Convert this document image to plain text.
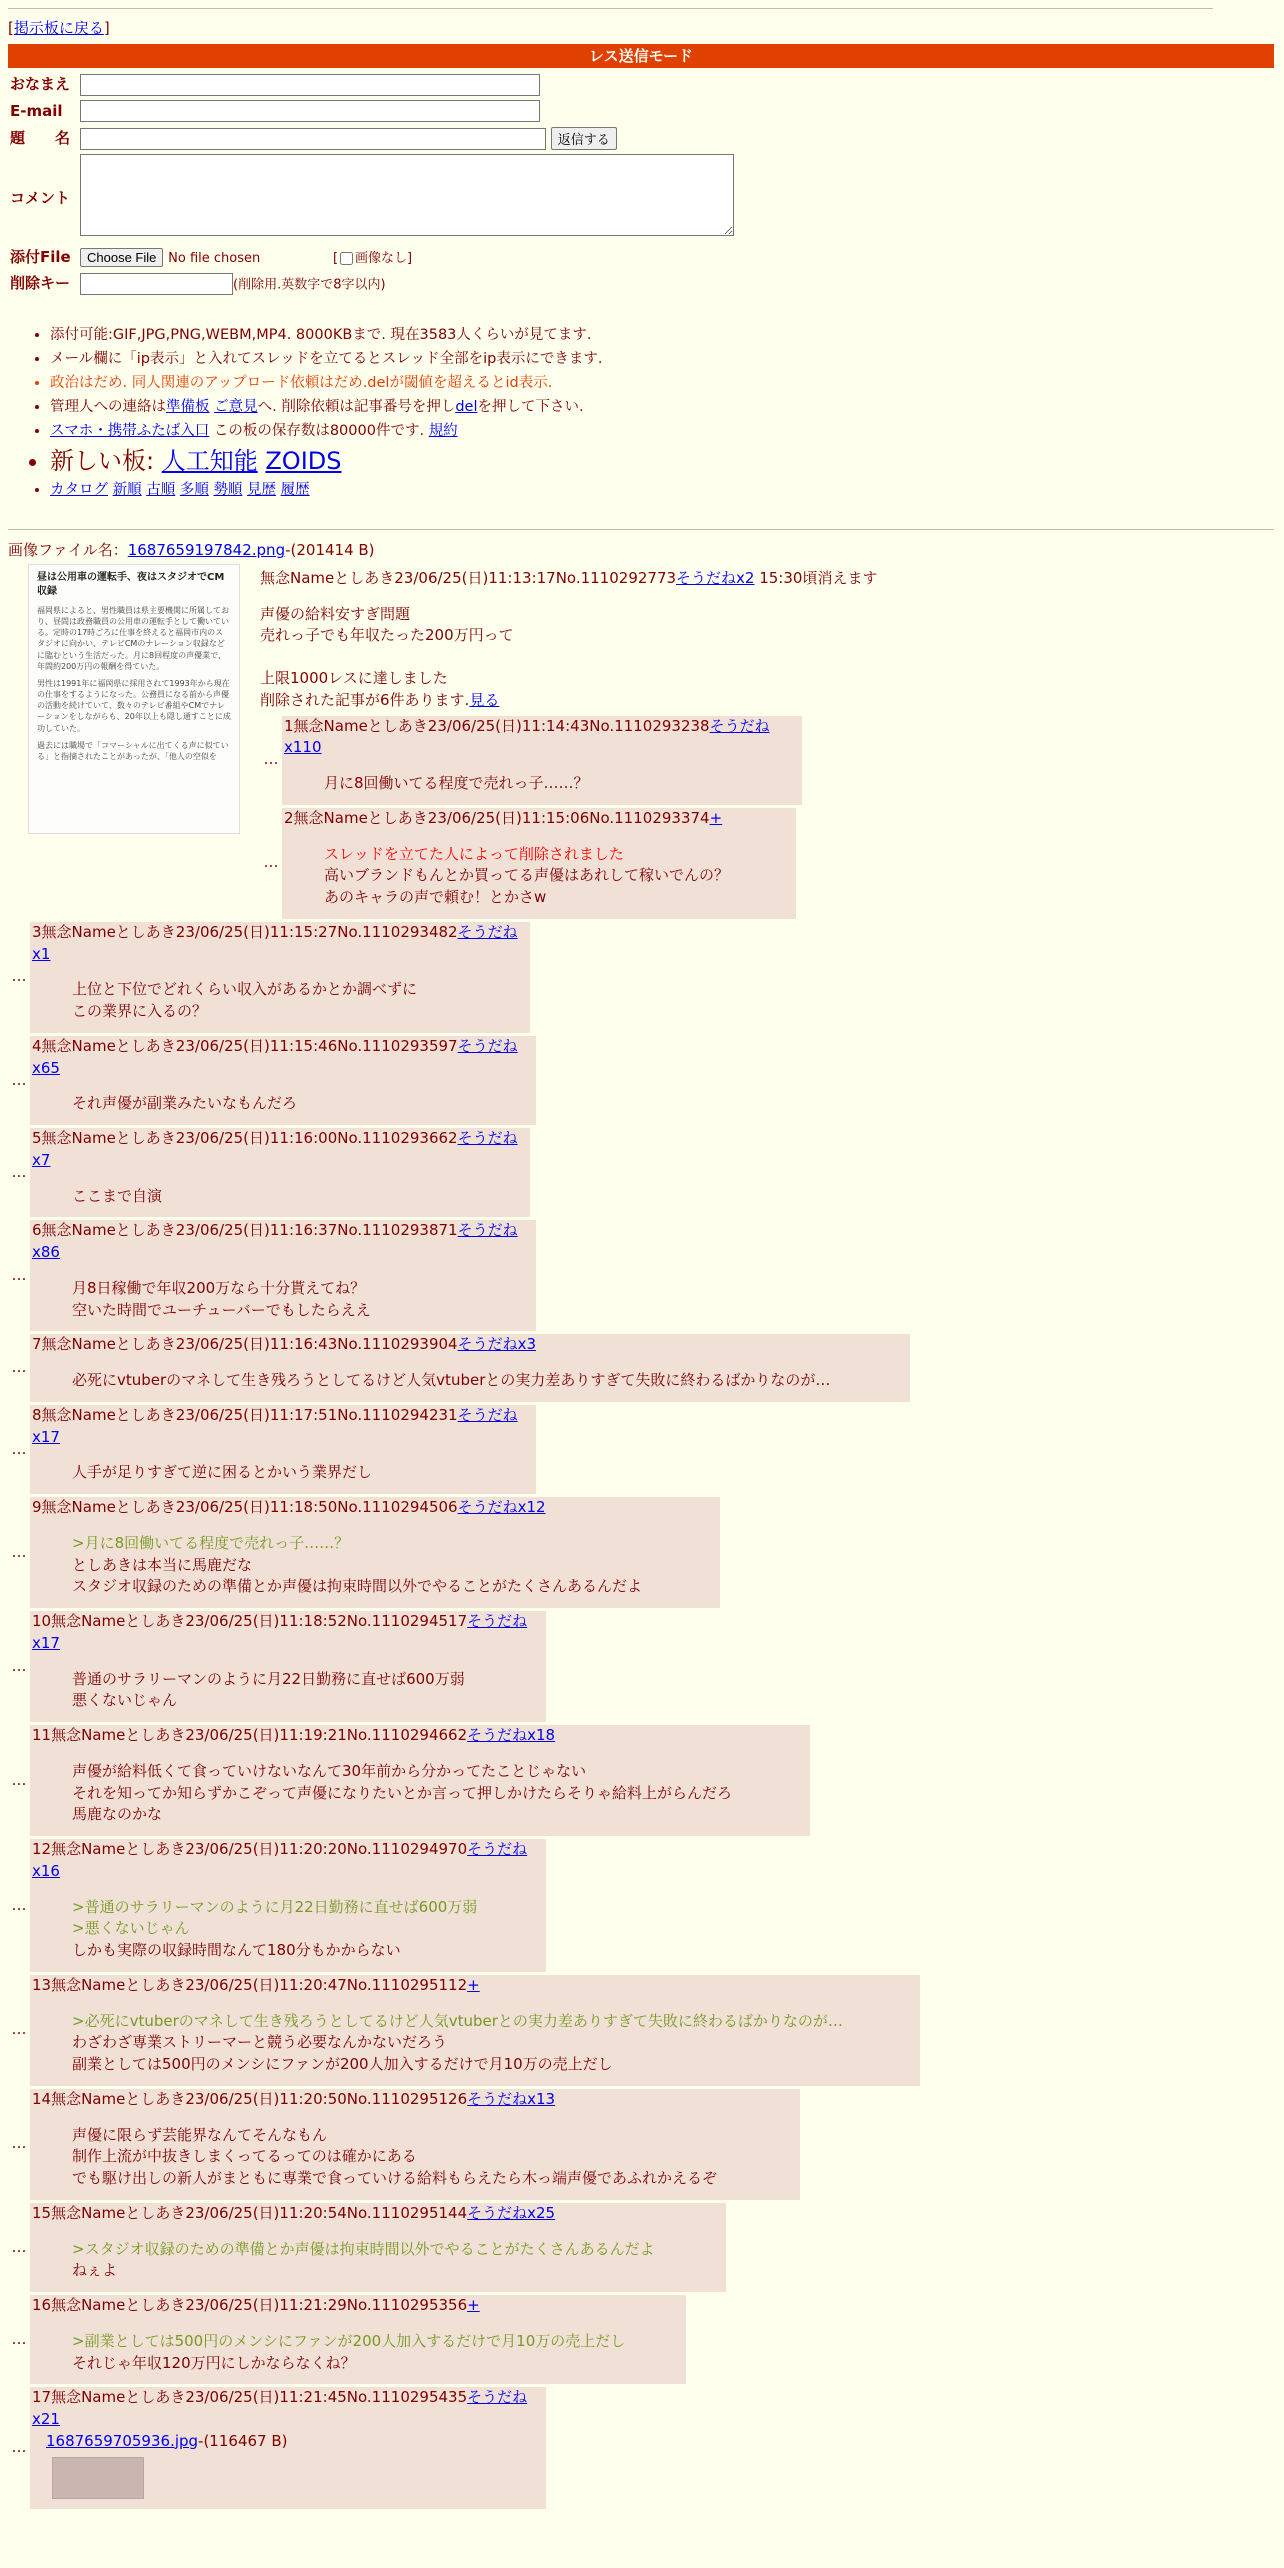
[掲示板に戻る]
レス送信モード
おなまえ	
E-mail	
題　　名	返信する
コメント	
添付File	Choose File No file chosen [ 画像なし]
削除キー	(削除用.英数字で8字以内)
• 添付可能:GIF,JPG,PNG,WEBM,MP4. 8000KBまで. 現在3583人くらいが見てます.
• メール欄に「ip表示」と入れてスレッドを立てるとスレッド全部をip表示にできます.
• 政治はだめ. 同人関連のアップロード依頼はだめ.delが閾値を超えるとid表示.
• 管理人への連絡は準備板 ご意見へ. 削除依頼は記事番号を押しdelを押して下さい.
• スマホ・携帯ふたば入口 この板の保存数は80000件です. 規約
• 新しい板: 人工知能 ZOIDS
• カタログ 新順 古順 多順 勢順 見歴 履歴
画像ファイル名：1687659197842.png-(201414 B)
昼は公用車の運転手、夜はスタジオでCM収録

福岡県によると、男性職員は県主要機関に所属しており、昼間は政務職員の公用車の運転手として働いている。定時の17時ごろに仕事を終えると福岡市内のスタジオに向かい、テレビCMのナレーション収録などに臨むという生活だった。月に8回程度の声優業で、年間約200万円の報酬を得ていた。

男性は1991年に福岡県に採用されて1993年から現在の仕事をするようになった。公務員になる前から声優の活動を続けていて、数々のテレビ番組やCMでナレーションをしながらも、20年以上も隠し通すことに成功していた。

過去には職場で「コマーシャルに出てくる声に似ている」と指摘されたことがあったが、「他人の空似を

無念Nameとしあき23/06/25(日)11:13:17No.1110292773そうだねx2 15:30頃消えます
声優の給料安すぎ問題
売れっ子でも年収たった200万円って
上限1000レスに達しました
削除された記事が6件あります.見る
…
1無念Nameとしあき23/06/25(日)11:14:43No.1110293238そうだねx110
月に8回働いてる程度で売れっ子……？
…
2無念Nameとしあき23/06/25(日)11:15:06No.1110293374+
スレッドを立てた人によって削除されました
高いブランドもんとか買ってる声優はあれして稼いでんの？
あのキャラの声で頼む！とかさw
…
3無念Nameとしあき23/06/25(日)11:15:27No.1110293482そうだねx1
上位と下位でどれくらい収入があるかとか調べずに
この業界に入るの？
…
4無念Nameとしあき23/06/25(日)11:15:46No.1110293597そうだねx65
それ声優が副業みたいなもんだろ
…
5無念Nameとしあき23/06/25(日)11:16:00No.1110293662そうだねx7
ここまで自演
…
6無念Nameとしあき23/06/25(日)11:16:37No.1110293871そうだねx86
月8日稼働で年収200万なら十分貰えてね？
空いた時間でユーチューバーでもしたらええ
…
7無念Nameとしあき23/06/25(日)11:16:43No.1110293904そうだねx3
必死にvtuberのマネして生き残ろうとしてるけど人気vtuberとの実力差ありすぎて失敗に終わるばかりなのが…
…
8無念Nameとしあき23/06/25(日)11:17:51No.1110294231そうだねx17
人手が足りすぎて逆に困るとかいう業界だし
…
9無念Nameとしあき23/06/25(日)11:18:50No.1110294506そうだねx12
>月に8回働いてる程度で売れっ子……？
としあきは本当に馬鹿だな
スタジオ収録のための準備とか声優は拘束時間以外でやることがたくさんあるんだよ
…
10無念Nameとしあき23/06/25(日)11:18:52No.1110294517そうだねx17
普通のサラリーマンのように月22日勤務に直せば600万弱
悪くないじゃん
…
11無念Nameとしあき23/06/25(日)11:19:21No.1110294662そうだねx18
声優が給料低くて食っていけないなんて30年前から分かってたことじゃない
それを知ってか知らずかこぞって声優になりたいとか言って押しかけたらそりゃ給料上がらんだろ
馬鹿なのかな
…
12無念Nameとしあき23/06/25(日)11:20:20No.1110294970そうだねx16
>普通のサラリーマンのように月22日勤務に直せば600万弱
>悪くないじゃん
しかも実際の収録時間なんて180分もかからない
…
13無念Nameとしあき23/06/25(日)11:20:47No.1110295112+
>必死にvtuberのマネして生き残ろうとしてるけど人気vtuberとの実力差ありすぎて失敗に終わるばかりなのが…
わざわざ専業ストリーマーと競う必要なんかないだろう
副業としては500円のメンシにファンが200人加入するだけで月10万の売上だし
…
14無念Nameとしあき23/06/25(日)11:20:50No.1110295126そうだねx13
声優に限らず芸能界なんてそんなもん
制作上流が中抜きしまくってるってのは確かにある
でも駆け出しの新人がまともに専業で食っていける給料もらえたら木っ端声優であふれかえるぞ
…
15無念Nameとしあき23/06/25(日)11:20:54No.1110295144そうだねx25
>スタジオ収録のための準備とか声優は拘束時間以外でやることがたくさんあるんだよ
ねぇよ
…
16無念Nameとしあき23/06/25(日)11:21:29No.1110295356+
>副業としては500円のメンシにファンが200人加入するだけで月10万の売上だし
それじゃ年収120万円にしかならなくね？
…
17無念Nameとしあき23/06/25(日)11:21:45No.1110295435そうだねx21
1687659705936.jpg-(116467 B)
